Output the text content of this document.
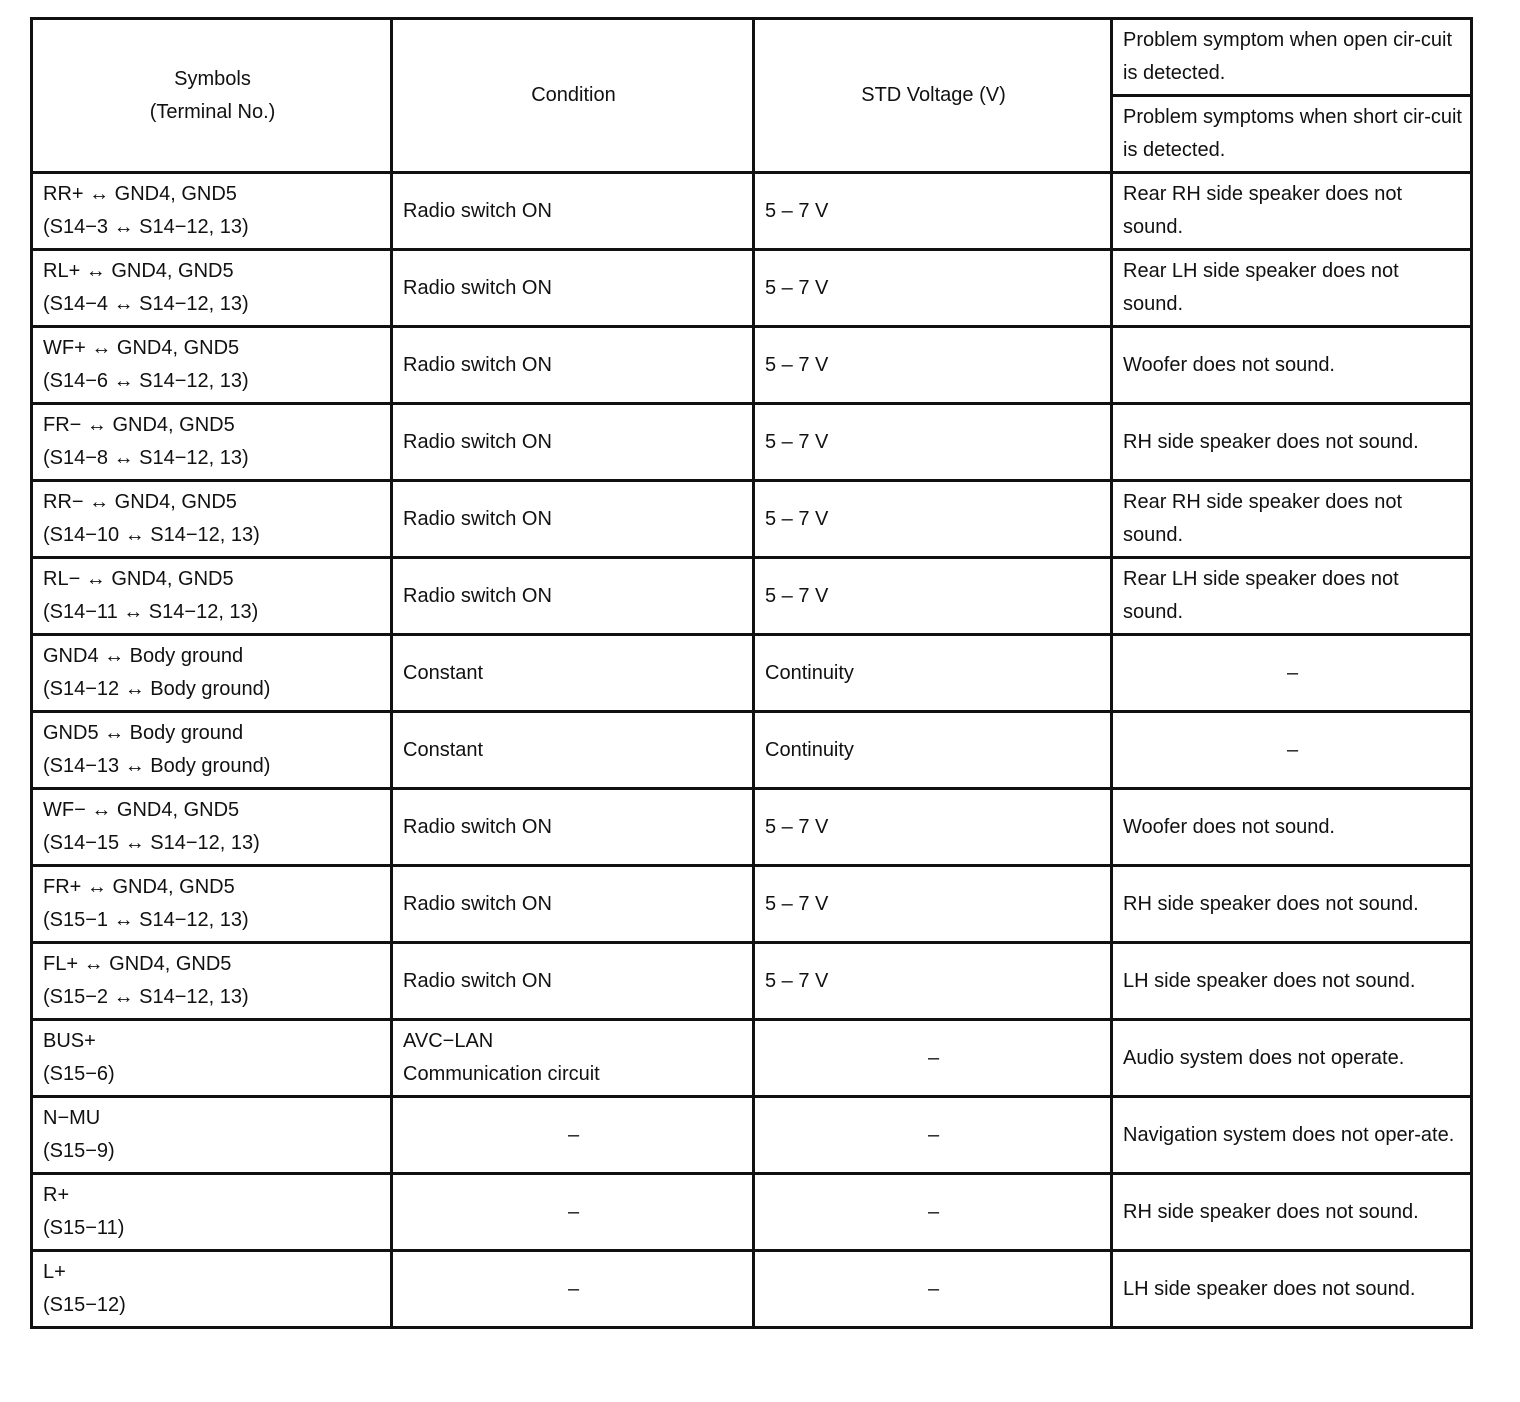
Symbols
(Terminal No.)	Condition	STD Voltage (V)	Problem symptom when open cir-cuit is detected.

			Problem symptoms when short cir-cuit is detected.

RR+ ↔ GND4, GND5
(S14−3 ↔ S14−12, 13)	Radio switch ON	5 – 7 V	Rear RH side speaker does not sound.

RL+ ↔ GND4, GND5
(S14−4 ↔ S14−12, 13)	Radio switch ON	5 – 7 V	Rear LH side speaker does not sound.

WF+ ↔ GND4, GND5
(S14−6 ↔ S14−12, 13)	Radio switch ON	5 – 7 V	Woofer does not sound.

FR− ↔ GND4, GND5
(S14−8 ↔ S14−12, 13)	Radio switch ON	5 – 7 V	RH side speaker does not sound.

RR− ↔ GND4, GND5
(S14−10 ↔ S14−12, 13)	Radio switch ON	5 – 7 V	Rear RH side speaker does not sound.

RL− ↔ GND4, GND5
(S14−11 ↔ S14−12, 13)	Radio switch ON	5 – 7 V	Rear LH side speaker does not sound.

GND4 ↔ Body ground
(S14−12 ↔ Body ground)	Constant	Continuity	–

GND5 ↔ Body ground
(S14−13 ↔ Body ground)	Constant	Continuity	–

WF− ↔ GND4, GND5
(S14−15 ↔ S14−12, 13)	Radio switch ON	5 – 7 V	Woofer does not sound.

FR+ ↔ GND4, GND5
(S15−1 ↔ S14−12, 13)	Radio switch ON	5 – 7 V	RH side speaker does not sound.

FL+ ↔ GND4, GND5
(S15−2 ↔ S14−12, 13)	Radio switch ON	5 – 7 V	LH side speaker does not sound.

BUS+
(S15−6)	AVC−LAN
Communication circuit	–	Audio system does not operate.

N−MU
(S15−9)	–	–	Navigation system does not oper-ate.

R+
(S15−11)	–	–	RH side speaker does not sound.

L+
(S15−12)	–	–	LH side speaker does not sound.
